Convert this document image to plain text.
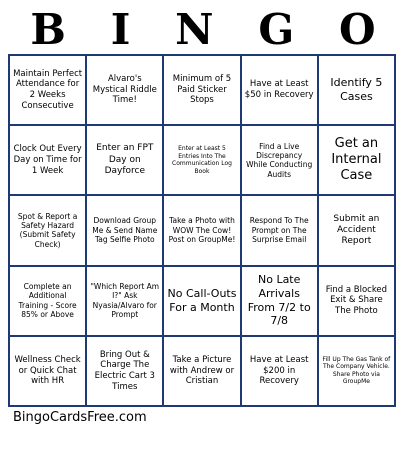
B I N G O
Maintain Perfect Attendance for 2 Weeks Consecutive
Alvaro's Mystical Riddle Time!
Minimum of 5 Paid Sticker Stops
Have at Least $50 in Recovery
Identify 5 Cases
Clock Out Every Day on Time for 1 Week
Enter an FPT Day on Dayforce
Enter at Least 5 Entries Into The Communication Log Book
Find a Live Discrepancy While Conducting Audits
Get an Internal Case
Spot & Report a Safety Hazard (Submit Safety Check)
Download Group Me & Send Name Tag Selfie Photo
Take a Photo with WOW The Cow! Post on GroupMe!
Respond To The Prompt on The Surprise Email
Submit an Accident Report
Complete an Additional Training - Score 85% or Above
"Which Report Am I?" Ask Nyasia/Alvaro for Prompt
No Call-Outs For a Month
No Late Arrivals From 7/2 to 7/8
Find a Blocked Exit & Share The Photo
Wellness Check or Quick Chat with HR
Bring Out & Charge The Electric Cart 3 Times
Take a Picture with Andrew or Cristian
Have at Least $200 in Recovery
Fill Up The Gas Tank of The Company Vehicle. Share Photo via GroupMe
BingoCardsFree.com
